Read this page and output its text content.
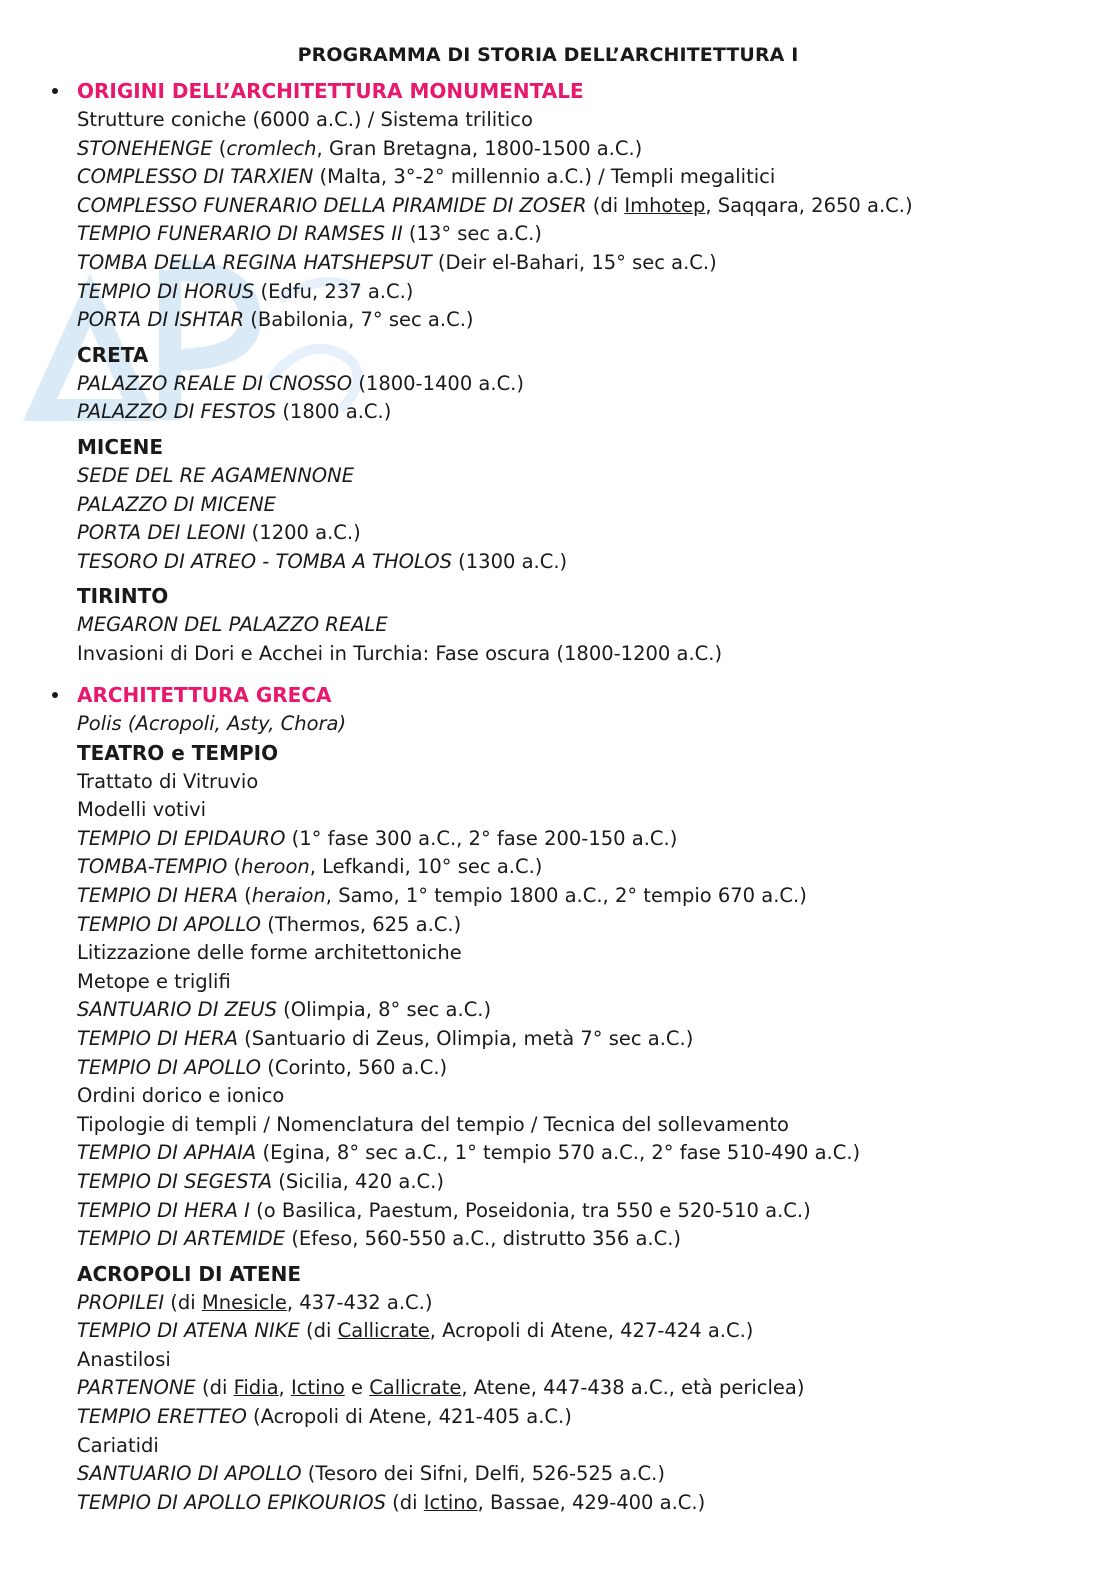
PROGRAMMA DI STORIA DELL’ARCHITETTURA I
ORIGINI DELL’ARCHITETTURA MONUMENTALE
Strutture coniche (6000 a.C.) / Sistema trilitico
STONEHENGE (cromlech, Gran Bretagna, 1800-1500 a.C.)
COMPLESSO DI TARXIEN (Malta, 3°-2° millennio a.C.) / Templi megalitici
COMPLESSO FUNERARIO DELLA PIRAMIDE DI ZOSER (di Imhotep, Saqqara, 2650 a.C.)
TEMPIO FUNERARIO DI RAMSES II (13° sec a.C.)
TOMBA DELLA REGINA HATSHEPSUT (Deir el-Bahari, 15° sec a.C.)
TEMPIO DI HORUS (Edfu, 237 a.C.)
PORTA DI ISHTAR (Babilonia, 7° sec a.C.)
CRETA
PALAZZO REALE DI CNOSSO (1800-1400 a.C.)
PALAZZO DI FESTOS (1800 a.C.)
MICENE
SEDE DEL RE AGAMENNONE
PALAZZO DI MICENE
PORTA DEI LEONI (1200 a.C.)
TESORO DI ATREO - TOMBA A THOLOS (1300 a.C.)
TIRINTO
MEGARON DEL PALAZZO REALE
Invasioni di Dori e Acchei in Turchia: Fase oscura (1800-1200 a.C.)
ARCHITETTURA GRECA
Polis (Acropoli, Asty, Chora)
TEATRO e TEMPIO
Trattato di Vitruvio
Modelli votivi
TEMPIO DI EPIDAURO (1° fase 300 a.C., 2° fase 200-150 a.C.)
TOMBA-TEMPIO (heroon, Lefkandi, 10° sec a.C.)
TEMPIO DI HERA (heraion, Samo, 1° tempio 1800 a.C., 2° tempio 670 a.C.)
TEMPIO DI APOLLO (Thermos, 625 a.C.)
Litizzazione delle forme architettoniche
Metope e triglifi
SANTUARIO DI ZEUS (Olimpia, 8° sec a.C.)
TEMPIO DI HERA (Santuario di Zeus, Olimpia, metà 7° sec a.C.)
TEMPIO DI APOLLO (Corinto, 560 a.C.)
Ordini dorico e ionico
Tipologie di templi / Nomenclatura del tempio / Tecnica del sollevamento
TEMPIO DI APHAIA (Egina, 8° sec a.C., 1° tempio 570 a.C., 2° fase 510-490 a.C.)
TEMPIO DI SEGESTA (Sicilia, 420 a.C.)
TEMPIO DI HERA I (o Basilica, Paestum, Poseidonia, tra 550 e 520-510 a.C.)
TEMPIO DI ARTEMIDE (Efeso, 560-550 a.C., distrutto 356 a.C.)
ACROPOLI DI ATENE
PROPILEI (di Mnesicle, 437-432 a.C.)
TEMPIO DI ATENA NIKE (di Callicrate, Acropoli di Atene, 427-424 a.C.)
Anastilosi
PARTENONE (di Fidia, Ictino e Callicrate, Atene, 447-438 a.C., età periclea)
TEMPIO ERETTEO (Acropoli di Atene, 421-405 a.C.)
Cariatidi
SANTUARIO DI APOLLO (Tesoro dei Sifni, Delfi, 526-525 a.C.)
TEMPIO DI APOLLO EPIKOURIOS (di Ictino, Bassae, 429-400 a.C.)
